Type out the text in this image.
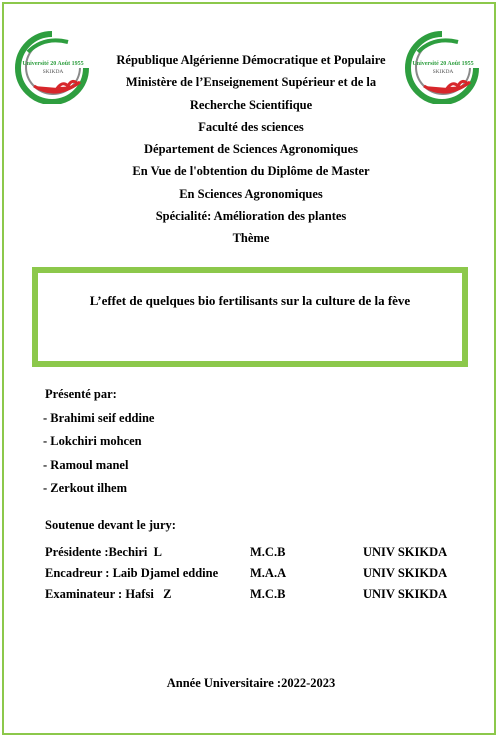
Université 20 Août 1955
SKIKDA
Université 20 Août 1955
SKIKDA
République Algérienne Démocratique et Populaire
Ministère de l’Enseignement Supérieur et de la
Recherche Scientifique
Faculté des sciences
Département de Sciences Agronomiques
En Vue de l'obtention du Diplôme de Master
En Sciences Agronomiques
Spécialité: Amélioration des plantes
Thème
L’effet de quelques bio fertilisants sur la culture de la fève
Présenté par:
- Brahimi seif eddine
- Lokchiri mohcen
- Ramoul manel
- Zerkout ilhem
Soutenue devant le jury:
Présidente :Bechiri  L	M.C.B	UNIV SKIKDA
Encadreur : Laib Djamel eddine	M.A.A	UNIV SKIKDA
Examinateur : Hafsi   Z	M.C.B	UNIV SKIKDA
Année Universitaire :2022-2023
